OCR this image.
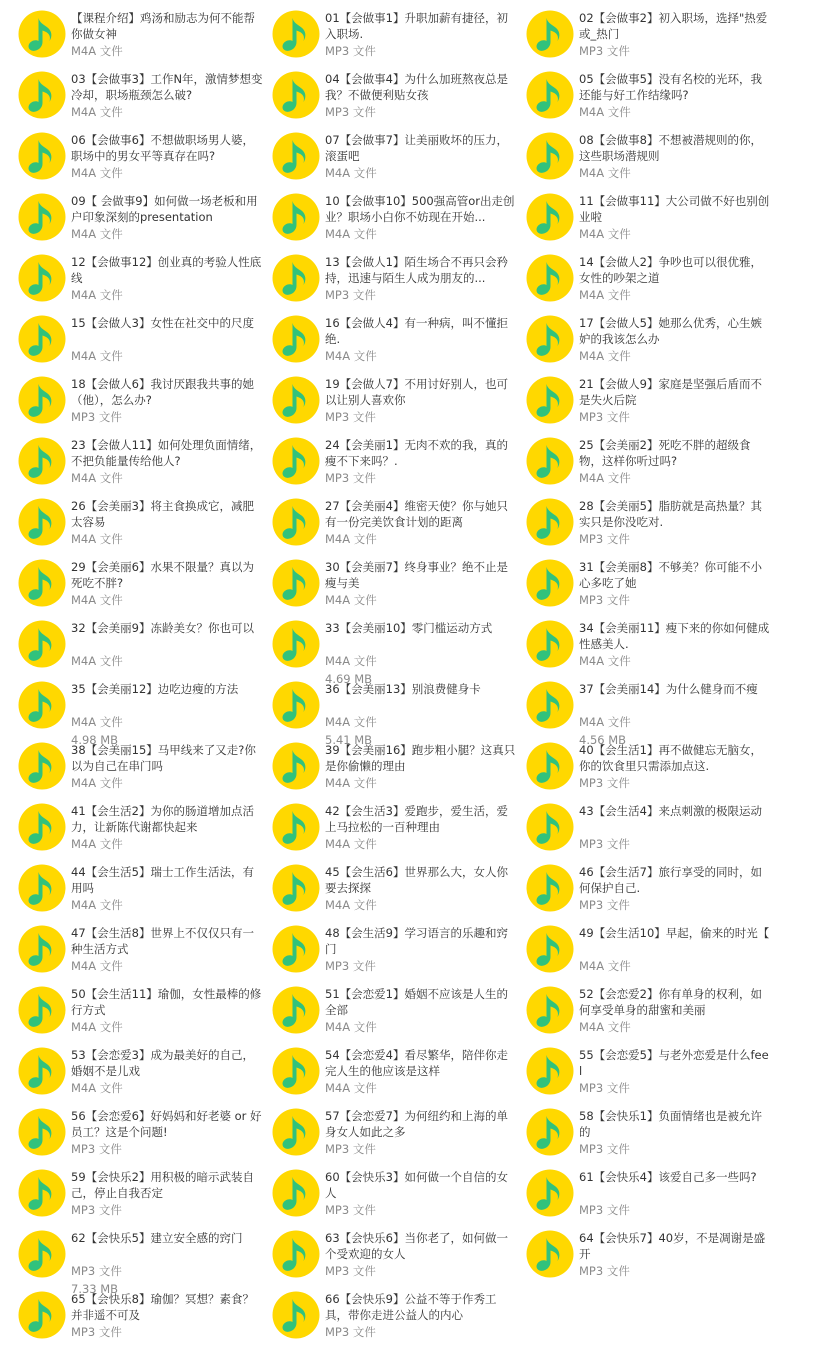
【课程介绍】鸡汤和励志为何不能帮你做女神
M4A 文件
01【会做事1】升职加薪有捷径，初入职场.
MP3 文件
02【会做事2】初入职场，选择"热爱或_热门
MP3 文件
03【会做事3】工作N年，激情梦想变冷却，职场瓶颈怎么破?
M4A 文件
04【会做事4】为什么加班熬夜总是我？不做便利贴女孩
MP3 文件
05【会做事5】没有名校的光环，我还能与好工作结缘吗?
M4A 文件
06【会做事6】不想做职场男人婆，职场中的男女平等真存在吗?
M4A 文件
07【会做事7】让美丽败坏的压力，滚蛋吧
M4A 文件
08【会做事8】不想被潜规则的你，这些职场潜规则
M4A 文件
09【 会做事9】如何做一场老板和用户印象深刻的presentation
M4A 文件
10【会做事10】500强高管or出走创业？职场小白你不妨现在开始...
M4A 文件
11【会做事11】大公司做不好也别创业啦
M4A 文件
12【会做事12】创业真的考验人性底线
M4A 文件
13【会做人1】陌生场合不再只会矜持，迅速与陌生人成为朋友的...
MP3 文件
14【会做人2】争吵也可以很优雅，女性的吵架之道
M4A 文件
15【会做人3】女性在社交中的尺度
M4A 文件
16【会做人4】有一种病，叫不懂拒绝.
M4A 文件
17【会做人5】她那么优秀，心生嫉妒的我该怎么办
M4A 文件
18【会做人6】我讨厌跟我共事的她（他），怎么办?
MP3 文件
19【会做人7】不用讨好别人，也可以让别人喜欢你
MP3 文件
21【会做人9】家庭是坚强后盾而不是失火后院
MP3 文件
23【会做人11】如何处理负面情绪，不把负能量传给他人?
M4A 文件
24【会美丽1】无肉不欢的我，真的瘦不下来吗？.
MP3 文件
25【会美丽2】死吃不胖的超级食物，这样你听过吗?
M4A 文件
26【会美丽3】将主食换成它，减肥太容易
M4A 文件
27【会美丽4】维密天使？你与她只有一份完美饮食计划的距离
M4A 文件
28【会美丽5】脂肪就是高热量？其实只是你没吃对.
MP3 文件
29【会美丽6】水果不限量？真以为死吃不胖?
M4A 文件
30【会美丽7】终身事业？绝不止是瘦与美
M4A 文件
31【会美丽8】不够美？你可能不小心多吃了她
MP3 文件
32【会美丽9】冻龄美女？你也可以
M4A 文件
33【会美丽10】零门槛运动方式
M4A 文件
4.69 MB
34【会美丽11】瘦下来的你如何健成性感美人.
M4A 文件
35【会美丽12】边吃边瘦的方法
M4A 文件
4.98 MB
36【会美丽13】别浪费健身卡
M4A 文件
5.41 MB
37【会美丽14】为什么健身而不瘦
M4A 文件
4.56 MB
38【会美丽15】马甲线来了又走?你以为自己在串门吗
M4A 文件
39【会美丽16】跑步粗小腿？这真只是你偷懒的理由
M4A 文件
40【会生活1】再不做健忘无脑女，你的饮食里只需添加点这.
MP3 文件
41【会生活2】为你的肠道增加点活力，让新陈代谢都快起来
M4A 文件
42【会生活3】爱跑步，爱生活，爱上马拉松的一百种理由
M4A 文件
43【会生活4】来点刺激的极限运动
MP3 文件
44【会生活5】瑞士工作生活法，有用吗
M4A 文件
45【会生活6】世界那么大，女人你要去探探
M4A 文件
46【会生活7】旅行享受的同时，如何保护自己.
MP3 文件
47【会生活8】世界上不仅仅只有一种生活方式
M4A 文件
48【会生活9】学习语言的乐趣和窍门
MP3 文件
49【会生活10】早起，偷来的时光【
M4A 文件
50【会生活11】瑜伽，女性最棒的修行方式
M4A 文件
51【会恋爱1】婚姻不应该是人生的全部
M4A 文件
52【会恋爱2】你有单身的权利，如何享受单身的甜蜜和美丽
M4A 文件
53【会恋爱3】成为最美好的自己，婚姻不是儿戏
M4A 文件
54【会恋爱4】看尽繁华，陪伴你走完人生的他应该是这样
M4A 文件
55【会恋爱5】与老外恋爱是什么feel
MP3 文件
56【会恋爱6】好妈妈和好老婆 or 好员工？这是个问题!
MP3 文件
57【会恋爱7】为何纽约和上海的单身女人如此之多
MP3 文件
58【会快乐1】负面情绪也是被允许的
MP3 文件
59【会快乐2】用积极的暗示武装自己，停止自我否定
MP3 文件
60【会快乐3】如何做一个自信的女人
MP3 文件
61【会快乐4】该爱自己多一些吗?
MP3 文件
62【会快乐5】建立安全感的窍门
MP3 文件
7.33 MB
63【会快乐6】当你老了，如何做一个受欢迎的女人
MP3 文件
64【会快乐7】40岁，不是凋谢是盛开
MP3 文件
65【会快乐8】瑜伽？冥想？素食？并非遥不可及
MP3 文件
66【会快乐9】公益不等于作秀工具，带你走进公益人的内心
MP3 文件
